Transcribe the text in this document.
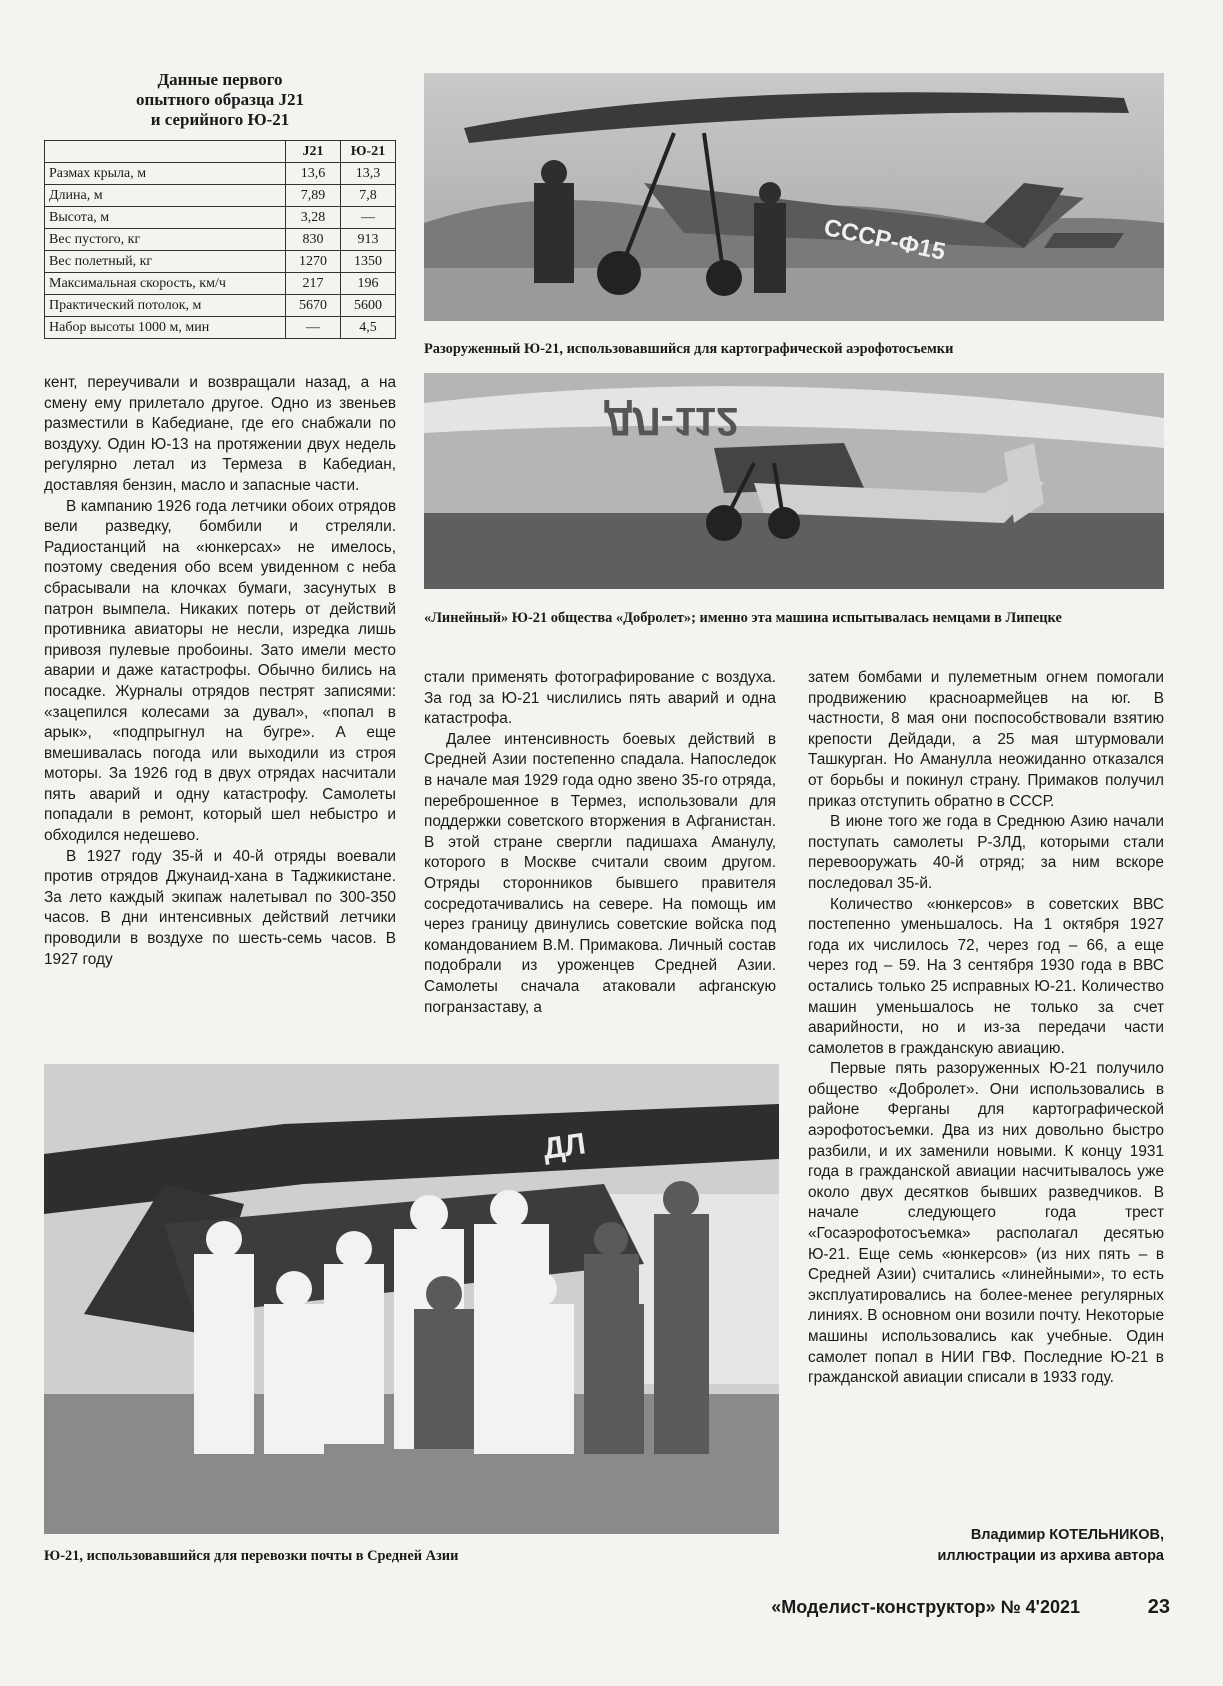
Данные первого
опытного образца J21
и серийного Ю-21
	J21	Ю-21
Размах крыла, м	13,6	13,3
Длина, м	7,89	7,8
Высота, м	3,28	—
Вес пустого, кг	830	913
Вес полетный, кг	1270	1350
Максимальная скорость, км/ч	217	196
Практический потолок, м	5670	5600
Набор высоты 1000 м, мин	—	4,5
СССР-Ф15
Разоруженный Ю-21, использовавшийся для картографической аэрофотосъемки
ДЛ-112
«Линейный» Ю-21 общества «Добролет»; именно эта машина испытывалась немцами в Липецке

кент, переучивали и возвращали назад, а на смену ему прилетало другое. Одно из звеньев разместили в Кабедиане, где его снабжали по воздуху. Один Ю-13 на протяжении двух недель регулярно летал из Термеза в Кабедиан, доставляя бензин, масло и запасные части.

В кампанию 1926 года летчики обоих отрядов вели разведку, бомбили и стреляли. Радиостанций на «юнкерсах» не имелось, поэтому сведения обо всем увиденном с неба сбрасывали на клочках бумаги, засунутых в патрон вымпела. Никаких потерь от действий противника авиаторы не несли, изредка лишь привозя пулевые пробоины. Зато имели место аварии и даже катастрофы. Обычно бились на посадке. Журналы отрядов пестрят записями: «зацепился колесами за дувал», «попал в арык», «подпрыгнул на бугре». А еще вмешивалась погода или выходили из строя моторы. За 1926 год в двух отрядах насчитали пять аварий и одну катастрофу. Самолеты попадали в ремонт, который шел небыстро и обходился недешево.

В 1927 году 35-й и 40-й отряды воевали против отрядов Джунаид-хана в Таджикистане. За лето каждый экипаж налетывал по 300-350 часов. В дни интенсивных действий летчики проводили в воздухе по шесть-семь часов. В 1927 году

стали применять фотографирование с воздуха. За год за Ю-21 числились пять аварий и одна катастрофа.

Далее интенсивность боевых действий в Средней Азии постепенно спадала. Напоследок в начале мая 1929 года одно звено 35-го отряда, переброшенное в Термез, использовали для поддержки советского вторжения в Афганистан. В этой стране свергли падишаха Аманулу, которого в Москве считали своим другом. Отряды сторонников бывшего правителя сосредотачивались на севере. На помощь им через границу двинулись советские войска под командованием В.М. Примакова. Личный состав подобрали из уроженцев Средней Азии. Самолеты сначала атаковали афганскую погранзаставу, а

затем бомбами и пулеметным огнем помогали продвижению красноармейцев на юг. В частности, 8 мая они поспособствовали взятию крепости Дейдади, а 25 мая штурмовали Ташкурган. Но Амануллa неожиданно отказался от борьбы и покинул страну. Примаков получил приказ отступить обратно в СССР.

В июне того же года в Среднюю Азию начали поступать самолеты Р-3ЛД, которыми стали перевооружать 40-й отряд; за ним вскоре последовал 35-й.

Количество «юнкерсов» в советских ВВС постепенно уменьшалось. На 1 октября 1927 года их числилось 72, через год – 66, а еще через год – 59. На 3 сентября 1930 года в ВВС остались только 25 исправных Ю-21. Количество машин уменьшалось не только за счет аварийности, но и из-за передачи части самолетов в гражданскую авиацию.

Первые пять разоруженных Ю-21 получило общество «Добролет». Они использовались в районе Ферганы для картографической аэрофотосъемки. Два из них довольно быстро разбили, и их заменили новыми. К концу 1931 года в гражданской авиации насчитывалось уже около двух десятков бывших разведчиков. В начале следующего года трест «Госаэрофотосъемка» располагал десятью Ю-21. Еще семь «юнкерсов» (из них пять – в Средней Азии) считались «линейными», то есть эксплуатировались на более-менее регулярных линиях. В основном они возили почту. Некоторые машины использовались как учебные. Один самолет попал в НИИ ГВФ. Последние Ю-21 в гражданской авиации списали в 1933 году.

ДЛ
Ю-21, использовавшийся для перевозки почты в Средней Азии
Владимир КОТЕЛЬНИКОВ,
иллюстрации из архива автора
«Моделист-конструктор» № 4'2021	23
